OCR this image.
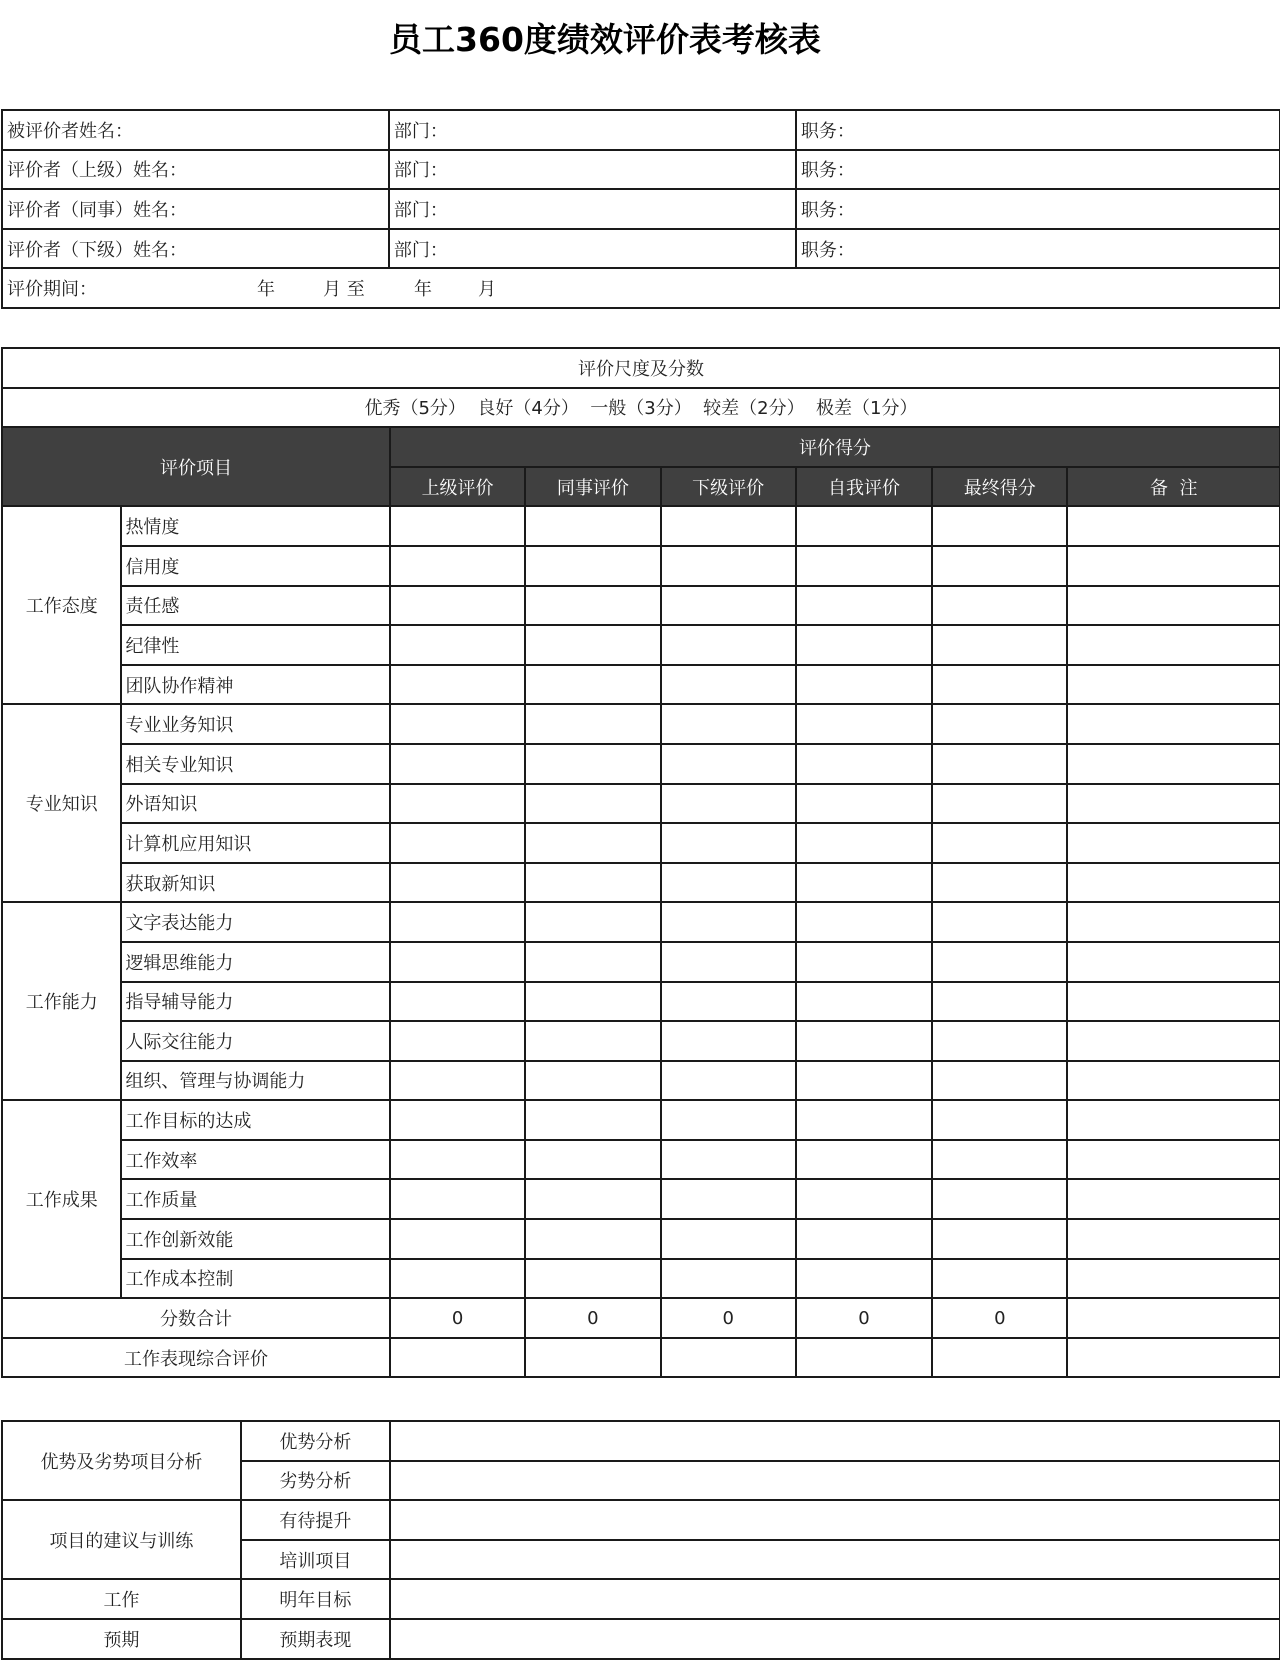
员工360度绩效评价表考核表
被评价者姓名：	部门：	职务：
评价者（上级）姓名：	部门：	职务：
评价者（同事）姓名：	部门：	职务：
评价者（下级）姓名：	部门：	职务：
评价期间： 年 月 至 年 月		
评价尺度及分数							
优秀（5分）  良好（4分）  一般（3分）  较差（2分）  极差（1分）							
评价项目		评价得分					
		上级评价	同事评价	下级评价	自我评价	最终得分	备  注
工作态度	热情度						
	信用度						
	责任感						
	纪律性						
	团队协作精神						
专业知识	专业业务知识						
	相关专业知识						
	外语知识						
	计算机应用知识						
	获取新知识						
工作能力	文字表达能力						
	逻辑思维能力						
	指导辅导能力						
	人际交往能力						
	组织、管理与协调能力						
工作成果	工作目标的达成						
	工作效率						
	工作质量						
	工作创新效能						
	工作成本控制						
分数合计		0	0	0	0	0	
工作表现综合评价							
优势及劣势项目分析	优势分析	
	劣势分析	
项目的建议与训练	有待提升	
	培训项目	
工作	明年目标	
预期	预期表现	
